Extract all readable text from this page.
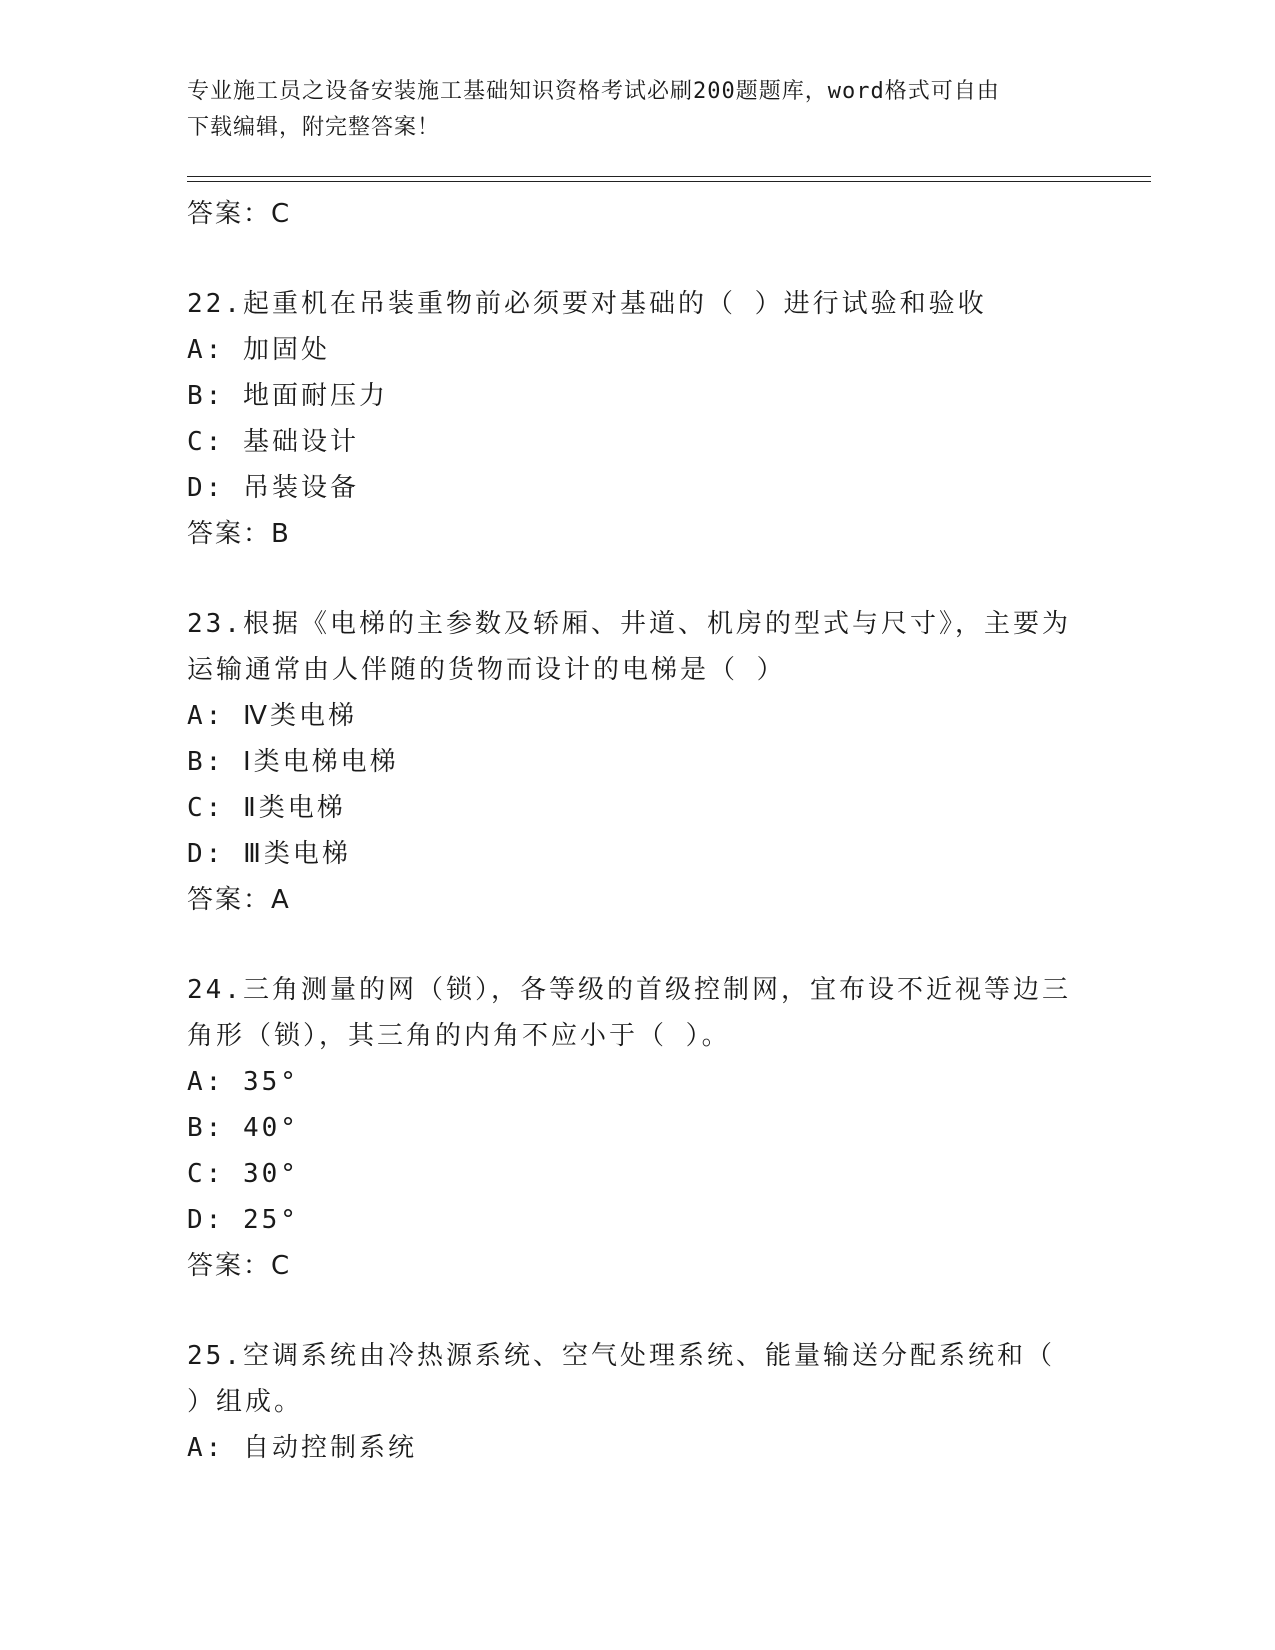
专业施工员之设备安装施工基础知识资格考试必刷200题题库，word格式可自由
下载编辑，附完整答案！
答案：C
22.起重机在吊装重物前必须要对基础的（ ）进行试验和验收
A: 加固处
B: 地面耐压力
C: 基础设计
D: 吊装设备
答案：B
23.根据《电梯的主参数及轿厢、井道、机房的型式与尺寸》，主要为
运输通常由人伴随的货物而设计的电梯是（ ）
A: Ⅳ类电梯
B: Ⅰ类电梯电梯
C: Ⅱ类电梯
D: Ⅲ类电梯
答案：A
24.三角测量的网（锁），各等级的首级控制网，宜布设不近视等边三
角形（锁），其三角的内角不应小于（ ）。
A: 35°
B: 40°
C: 30°
D: 25°
答案：C
25.空调系统由冷热源系统、空气处理系统、能量输送分配系统和（
）组成。
A: 自动控制系统
